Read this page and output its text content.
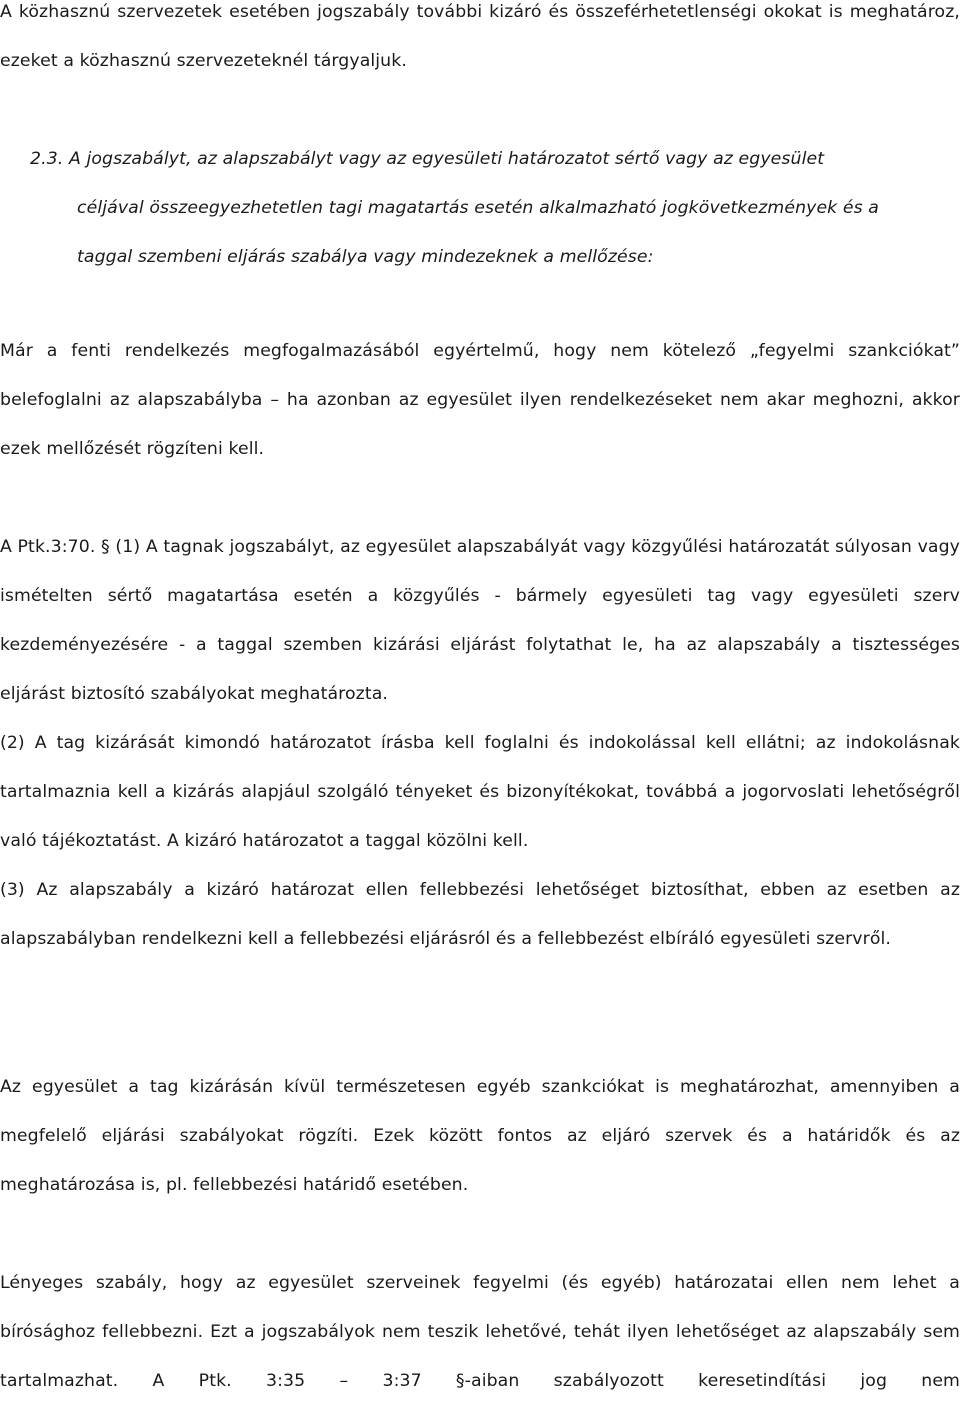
A közhasznú szervezetek esetében jogszabály további kizáró és összeférhetetlenségi okokat is meghatároz, ezeket a közhasznú szervezeteknél tárgyaljuk.

2.3. A jogszabályt, az alapszabályt vagy az egyesületi határozatot sértő vagy az egyesület
céljával összeegyezhetetlen tagi magatartás esetén alkalmazható jogkövetkezmények és a
taggal szembeni eljárás szabálya vagy mindezeknek a mellőzése:

Már a fenti rendelkezés megfogalmazásából egyértelmű, hogy nem kötelező „fegyelmi szankciókat” belefoglalni az alapszabályba – ha azonban az egyesület ilyen rendelkezéseket nem akar meghozni, akkor ezek mellőzését rögzíteni kell.

A Ptk.3:70. § (1) A tagnak jogszabályt, az egyesület alapszabályát vagy közgyűlési határozatát súlyosan vagy ismételten sértő magatartása esetén a közgyűlés - bármely egyesületi tag vagy egyesületi szerv kezdeményezésére - a taggal szemben kizárási eljárást folytathat le, ha az alapszabály a tisztességes eljárást biztosító szabályokat meghatározta.

(2) A tag kizárását kimondó határozatot írásba kell foglalni és indokolással kell ellátni; az indokolásnak tartalmaznia kell a kizárás alapjául szolgáló tényeket és bizonyítékokat, továbbá a jogorvoslati lehetőségről való tájékoztatást. A kizáró határozatot a taggal közölni kell.

(3) Az alapszabály a kizáró határozat ellen fellebbezési lehetőséget biztosíthat, ebben az esetben az alapszabályban rendelkezni kell a fellebbezési eljárásról és a fellebbezést elbíráló egyesületi szervről.

Az egyesület a tag kizárásán kívül természetesen egyéb szankciókat is meghatározhat, amennyiben a megfelelő eljárási szabályokat rögzíti. Ezek között fontos az eljáró szervek és a határidők és az meghatározása is, pl. fellebbezési határidő esetében.

Lényeges szabály, hogy az egyesület szerveinek fegyelmi (és egyéb) határozatai ellen nem lehet a bírósághoz fellebbezni. Ezt a jogszabályok nem teszik lehetővé, tehát ilyen lehetőséget az alapszabály sem tartalmazhat. A Ptk. 3:35 – 3:37 §-aiban szabályozott keresetindítási jog nem
